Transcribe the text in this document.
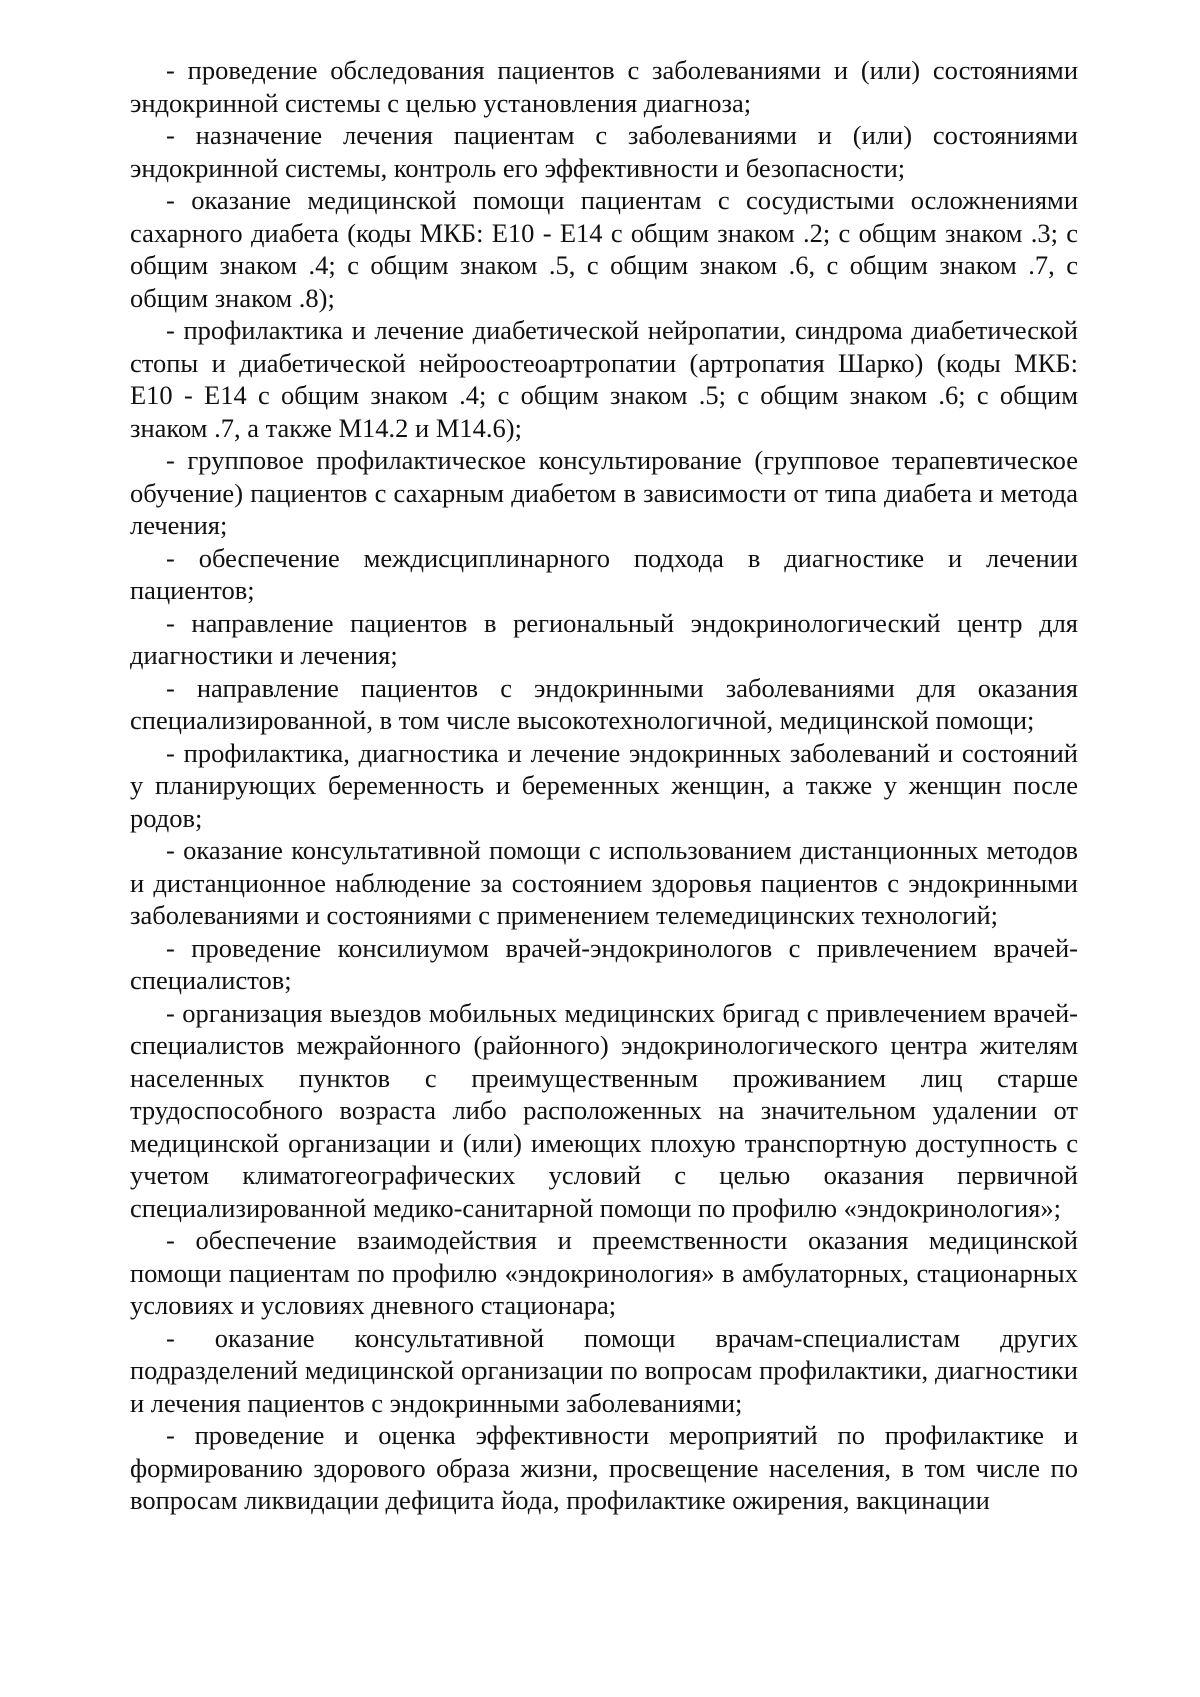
- проведение обследования пациентов с заболеваниями и (или) состояниями эндокринной системы с целью установления диагноза;

- назначение лечения пациентам с заболеваниями и (или) состояниями эндокринной системы, контроль его эффективности и безопасности;

- оказание медицинской помощи пациентам с сосудистыми осложнениями сахарного диабета (коды МКБ: Е10 - Е14 с общим знаком .2; с общим знаком .3; с общим знаком .4; с общим знаком .5, с общим знаком .6, с общим знаком .7, с общим знаком .8);

- профилактика и лечение диабетической нейропатии, синдрома диабетической стопы и диабетической нейроостеоартропатии (артропатия Шарко) (коды МКБ: Е10 - Е14 с общим знаком .4; с общим знаком .5; с общим знаком .6; с общим знаком .7, а также М14.2 и М14.6);

- групповое профилактическое консультирование (групповое терапевтическое обучение) пациентов с сахарным диабетом в зависимости от типа диабета и метода лечения;

- обеспечение междисциплинарного подхода в диагностике и лечении пациентов;

- направление пациентов в региональный эндокринологический центр для диагностики и лечения;

- направление пациентов с эндокринными заболеваниями для оказания специализированной, в том числе высокотехнологичной, медицинской помощи;

- профилактика, диагностика и лечение эндокринных заболеваний и состояний у планирующих беременность и беременных женщин, а также у женщин после родов;

- оказание консультативной помощи с использованием дистанционных методов и дистанционное наблюдение за состоянием здоровья пациентов с эндокринными заболеваниями и состояниями с применением телемедицинских технологий;

- проведение консилиумом врачей-эндокринологов с привлечением врачей-специалистов;

- организация выездов мобильных медицинских бригад с привлечением врачей-специалистов межрайонного (районного) эндокринологического центра жителям населенных пунктов с преимущественным проживанием лиц старше трудоспособного возраста либо расположенных на значительном удалении от медицинской организации и (или) имеющих плохую транспортную доступность с учетом климатогеографических условий с целью оказания первичной специализированной медико-санитарной помощи по профилю «эндокринология»;

- обеспечение взаимодействия и преемственности оказания медицинской помощи пациентам по профилю «эндокринология» в амбулаторных, стационарных условиях и условиях дневного стационара;

- оказание консультативной помощи врачам-специалистам других подразделений медицинской организации по вопросам профилактики, диагностики и лечения пациентов с эндокринными заболеваниями;

- проведение и оценка эффективности мероприятий по профилактике и формированию здорового образа жизни, просвещение населения, в том числе по вопросам ликвидации дефицита йода, профилактике ожирения, вакцинации
